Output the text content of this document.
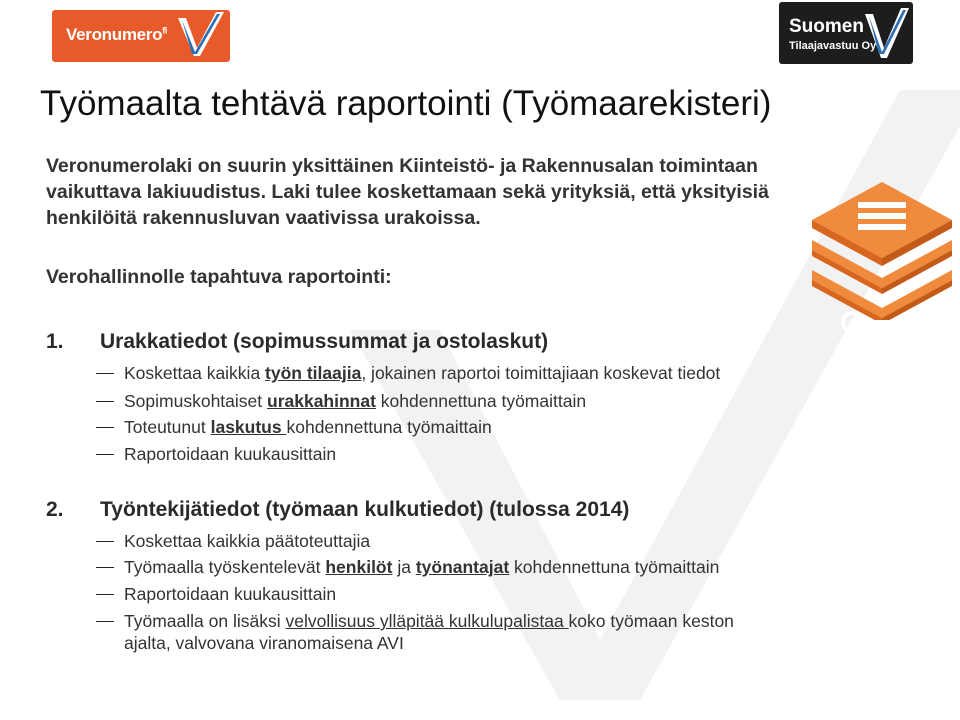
Veronumero$^{fi}$	Suomen
Tilaajavastuu Oy
Työmaalta tehtävä raportointi (Työmaarekisteri)

Veronumerolaki on suurin yksittäinen Kiinteistö- ja Rakennusalan toimintaan vaikuttava lakiuudistus. Laki tulee koskettamaan sekä yrityksiä, että yksityisiä henkilöitä rakennusluvan vaativissa urakoissa.

Verohallinnolle tapahtuva raportointi:

1. Urakkatiedot (sopimussummat ja ostolaskut)
Koskettaa kaikkia työn tilaajia, jokainen raportoi toimittajiaan koskevat tiedot
Sopimuskohtaiset urakkahinnat kohdennettuna työmaittain
Toteutunut laskutus kohdennettuna työmaittain
Raportoidaan kuukausittain
2. Työntekijätiedot (työmaan kulkutiedot) (tulossa 2014)
Koskettaa kaikkia päätoteuttajia
Työmaalla työskentelevät henkilöt ja työnantajat kohdennettuna työmaittain
Raportoidaan kuukausittain
Työmaalla on lisäksi velvollisuus ylläpitää kulkulupalistaa koko työmaan keston
ajalta, valvovana viranomaisena AVI
